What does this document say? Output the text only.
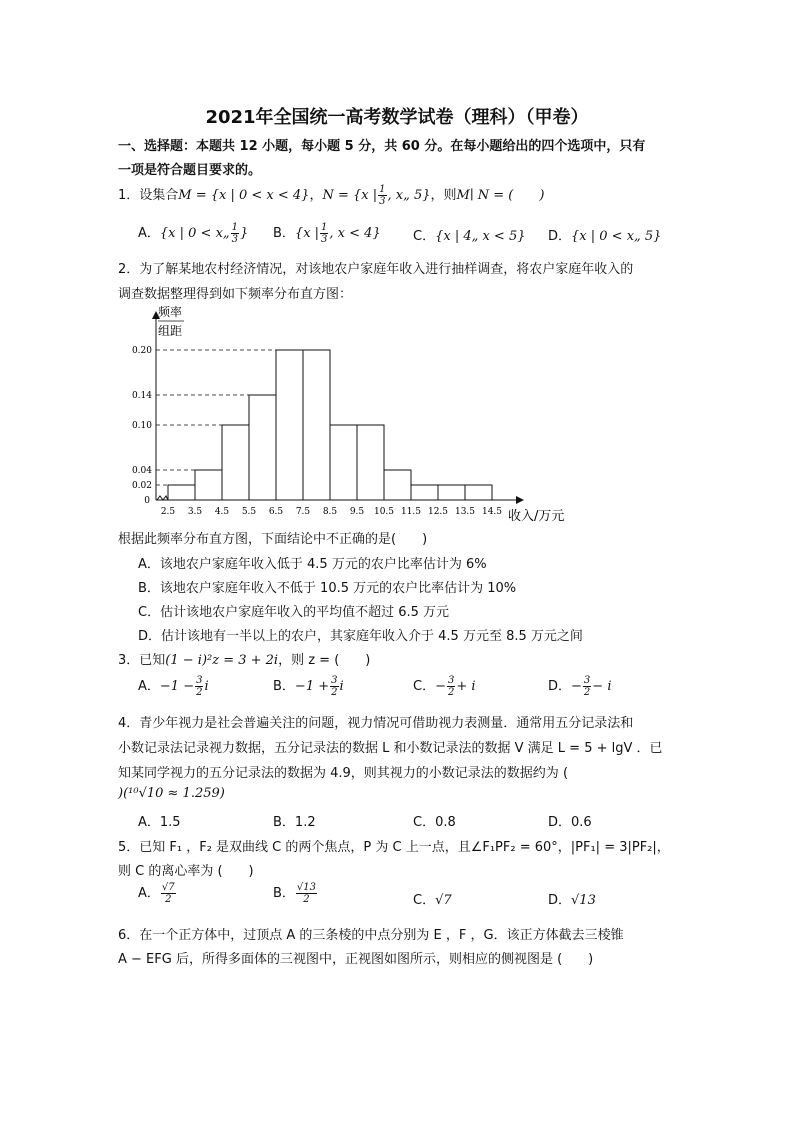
2021年全国统一高考数学试卷（理科）（甲卷）
一、选择题：本题共 12 小题，每小题 5 分，共 60 分。在每小题给出的四个选项中，只有
一项是符合题目要求的。
1．设集合M = {x | 0 < x < 4}，N = {x | $\frac{1}{3}$ , x„ 5}，则M∣ N = (　　)
A．{x | 0 < x„ $\frac{1}{3}$ } B．{x | $\frac{1}{3}$ , x < 4} C．{x | 4„ x < 5} D．{x | 0 < x„ 5}
2．为了解某地农村经济情况，对该地农户家庭年收入进行抽样调查，将农户家庭年收入的
调查数据整理得到如下频率分布直方图：
0.02
0.04
0.10
0.14
0.20
0
2.5 3.5 4.5 5.5 6.5 7.5 8.5 9.5 10.5 11.5 12.5 13.5 14.5 收入/万元
频率
组距
根据此频率分布直方图，下面结论中不正确的是(　　)
A．该地农户家庭年收入低于 4.5 万元的农户比率估计为 6%
B．该地农户家庭年收入不低于 10.5 万元的农户比率估计为 10%
C．估计该地农户家庭年收入的平均值不超过 6.5 万元
D．估计该地有一半以上的农户，其家庭年收入介于 4.5 万元至 8.5 万元之间
3．已知(1 − i)²z = 3 + 2i，则 z = (　　)
A．$-1 - \frac{3}{2}$ i	B．$-1 + \frac{3}{2}$ i	C．− $\frac{3}{2} + i$	D．− $\frac{3}{2} - i$
4．青少年视力是社会普遍关注的问题，视力情况可借助视力表测量．通常用五分记录法和
小数记录法记录视力数据，五分记录法的数据 L 和小数记录法的数据 V 满足 L = 5 + lgV ．已
知某同学视力的五分记录法的数据为 4.9，则其视力的小数记录法的数据约为 (
)(¹⁰√10 ≈ 1.259)
A．1.5	B．1.2	C．0.8	D．0.6
5．已知 F₁ ，F₂ 是双曲线 C 的两个焦点，P 为 C 上一点，且∠F₁PF₂ = 60°，|PF₁| = 3|PF₂|，
则 C 的离心率为 (　　)
A． $\frac{√7}{2}$	B． $\frac{√13}{2}$	C．√7	D．√13
6．在一个正方体中，过顶点 A 的三条棱的中点分别为 E ，F ，G．该正方体截去三棱锥
A − EFG 后，所得多面体的三视图中，正视图如图所示，则相应的侧视图是 (　　)
